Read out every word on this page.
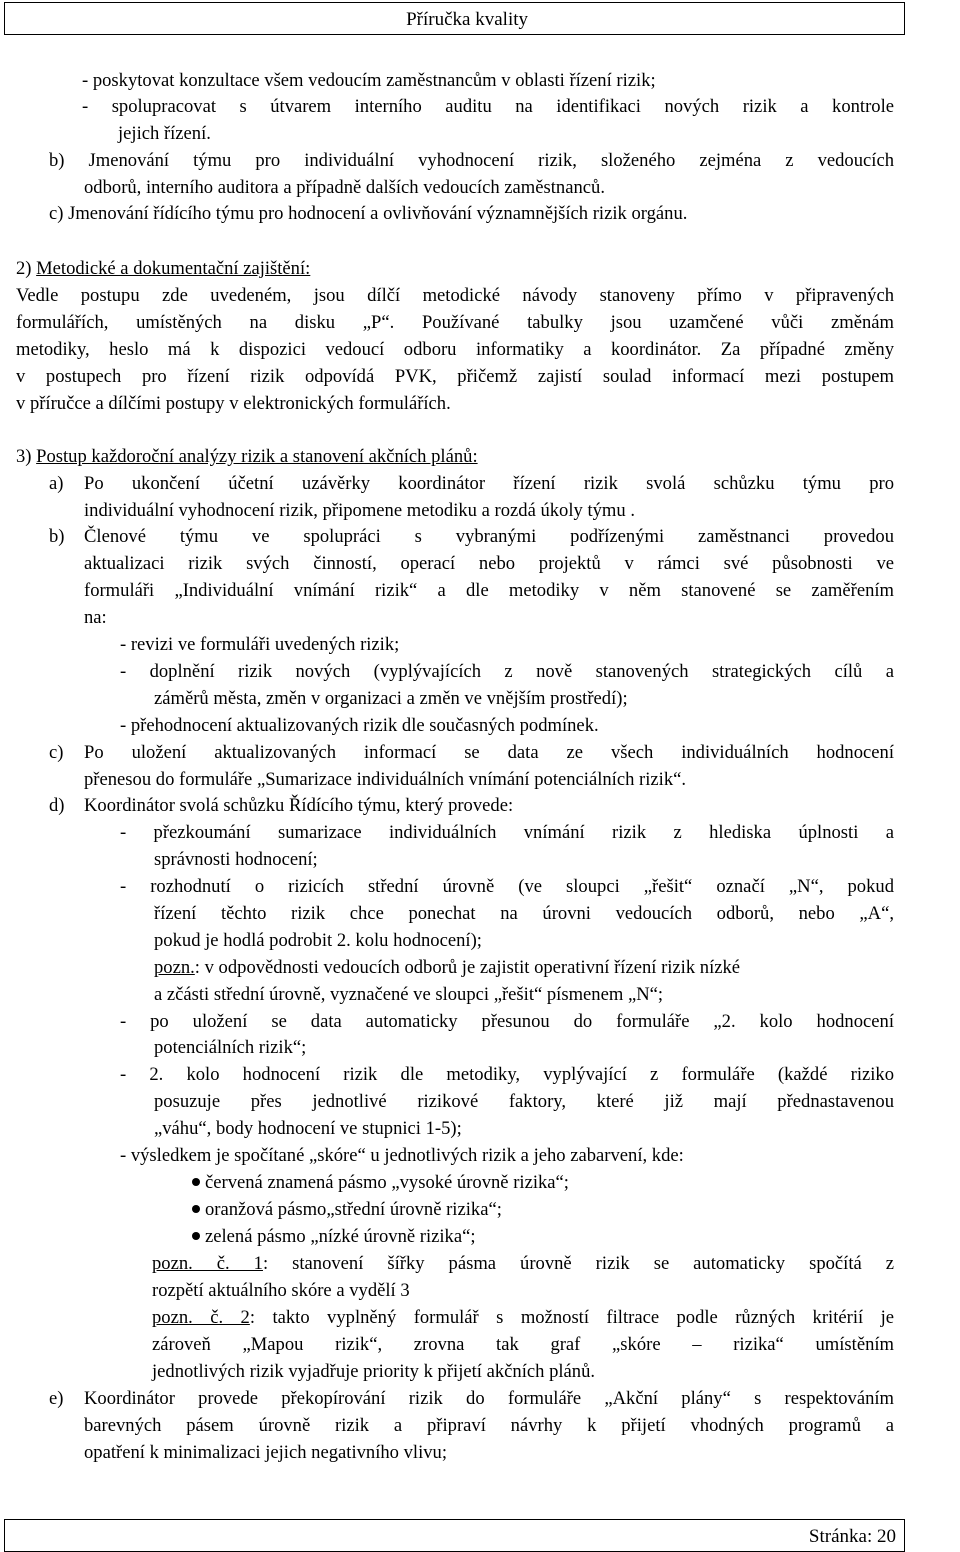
Příručka kvality
- poskytovat konzultace všem vedoucím zaměstnancům v oblasti řízení rizik;
- spolupracovat s útvarem interního auditu na identifikaci nových rizik a kontrole
jejich řízení.
b) Jmenování týmu pro individuální vyhodnocení rizik, složeného zejména z vedoucích
odborů, interního auditora a případně dalších vedoucích zaměstnanců.
c) Jmenování řídícího týmu pro hodnocení a ovlivňování významnějších rizik orgánu.
2) Metodické a dokumentační zajištění:
Vedle postupu zde uvedeném, jsou dílčí metodické návody stanoveny přímo v připravených
formulářích, umístěných na disku „P“. Používané tabulky jsou uzamčené vůči změnám
metodiky, heslo má k dispozici vedoucí odboru informatiky a koordinátor. Za případné změny
v postupech pro řízení rizik odpovídá PVK, přičemž zajistí soulad informací mezi postupem
v příručce a dílčími postupy v elektronických formulářích.
3) Postup každoroční analýzy rizik a stanovení akčních plánů:
a) Po ukončení účetní uzávěrky koordinátor řízení rizik svolá schůzku týmu pro
individuální vyhodnocení rizik, připomene metodiku a rozdá úkoly týmu .
b) Členové týmu ve spolupráci s vybranými podřízenými zaměstnanci provedou
aktualizaci rizik svých činností, operací nebo projektů v rámci své působnosti ve
formuláři „Individuální vnímání rizik“ a dle metodiky v něm stanovené se zaměřením
na:
- revizi ve formuláři uvedených rizik;
- doplnění rizik nových (vyplývajících z nově stanovených strategických cílů a
záměrů města, změn v organizaci a změn ve vnějším prostředí);
- přehodnocení aktualizovaných rizik dle současných podmínek.
c) Po uložení aktualizovaných informací se data ze všech individuálních hodnocení
přenesou do formuláře „Sumarizace individuálních vnímání potenciálních rizik“.
d) Koordinátor svolá schůzku Řídícího týmu, který provede:
- přezkoumání sumarizace individuálních vnímání rizik z hlediska úplnosti a
správnosti hodnocení;
- rozhodnutí o rizicích střední úrovně (ve sloupci „řešit“ označí „N“, pokud
řízení těchto rizik chce ponechat na úrovni vedoucích odborů, nebo „A“,
pokud je hodlá podrobit 2. kolu hodnocení);
pozn.: v odpovědnosti vedoucích odborů je zajistit operativní řízení rizik nízké
a zčásti střední úrovně, vyznačené ve sloupci „řešit“ písmenem „N“;
- po uložení se data automaticky přesunou do formuláře „2. kolo hodnocení
potenciálních rizik“;
- 2. kolo hodnocení rizik dle metodiky, vyplývající z formuláře (každé riziko
posuzuje přes jednotlivé rizikové faktory, které již mají přednastavenou
„váhu“, body hodnocení ve stupnici 1-5);
- výsledkem je spočítané „skóre“ u jednotlivých rizik a jeho zabarvení, kde:
červená znamená pásmo „vysoké úrovně rizika“;
oranžová pásmo„střední úrovně rizika“;
zelená pásmo „nízké úrovně rizika“;
pozn. č. 1: stanovení šířky pásma úrovně rizik se automaticky spočítá z
rozpětí aktuálního skóre a vydělí 3
pozn. č. 2: takto vyplněný formulář s možností filtrace podle různých kritérií je
zároveň „Mapou rizik“, zrovna tak graf „skóre – rizika“ umístěním
jednotlivých rizik vyjadřuje priority k přijetí akčních plánů.
e) Koordinátor provede překopírování rizik do formuláře „Akční plány“ s respektováním
barevných pásem úrovně rizik a připraví návrhy k přijetí vhodných programů a
opatření k minimalizaci jejich negativního vlivu;
Stránka: 20
